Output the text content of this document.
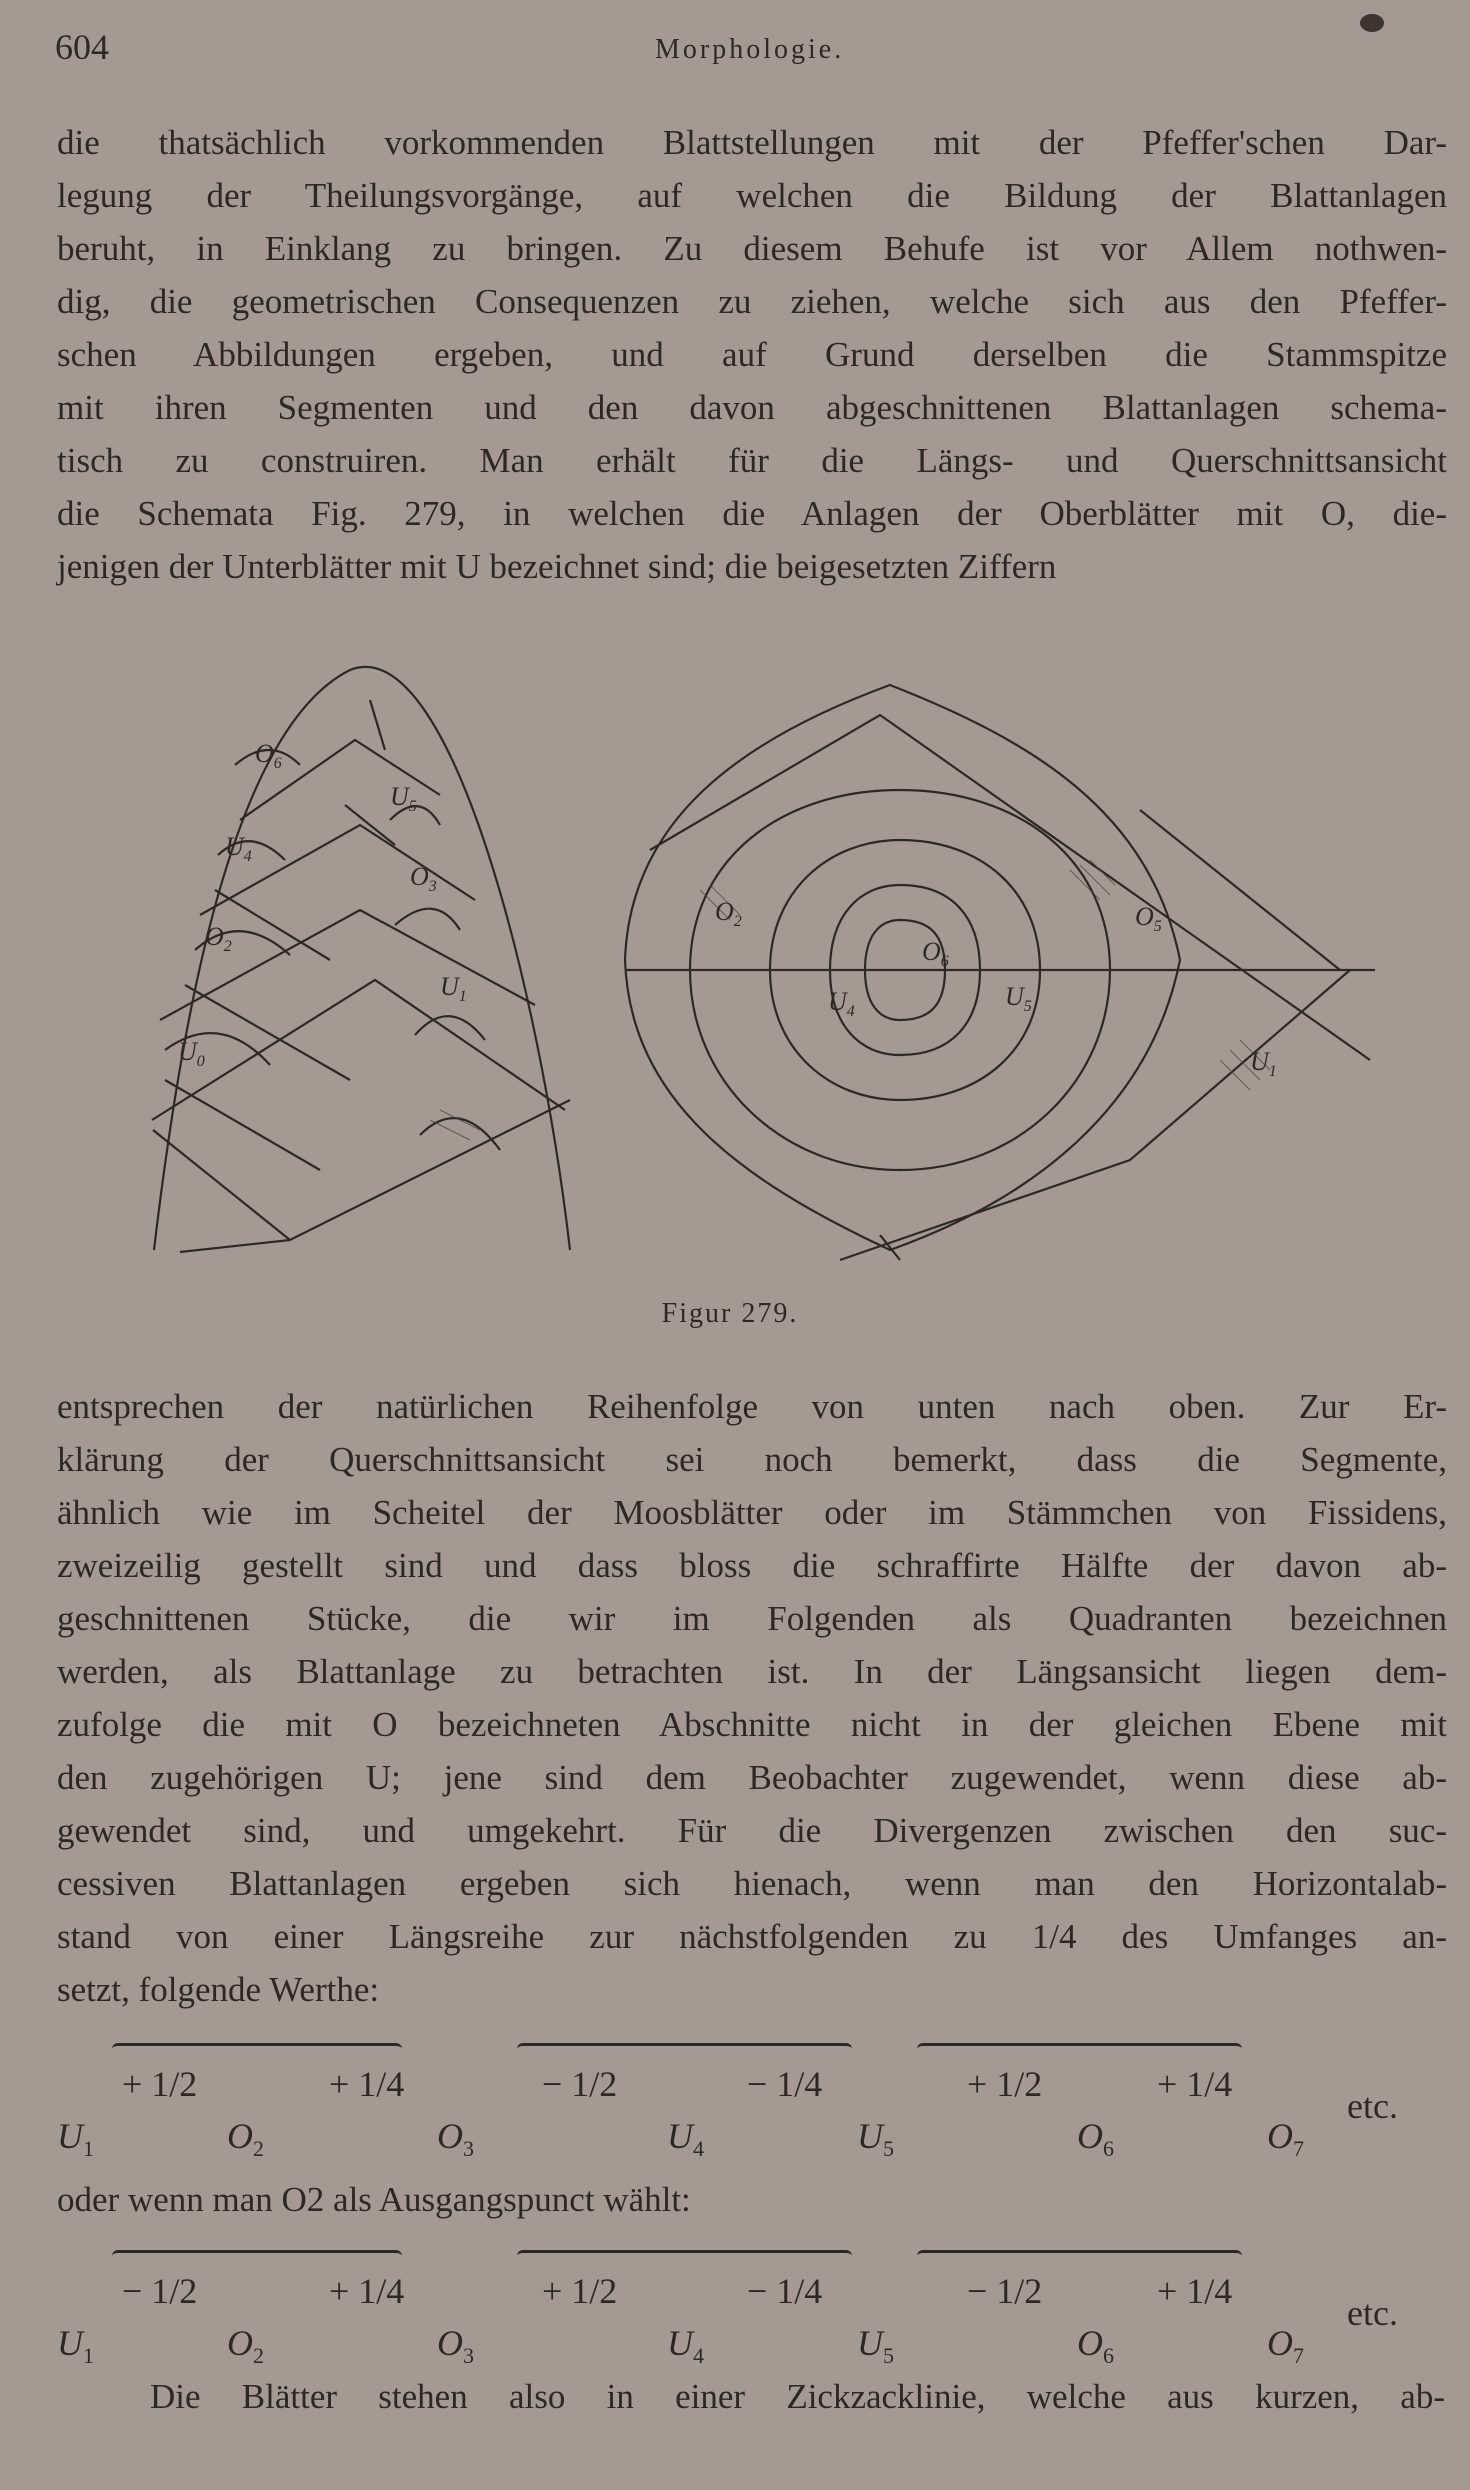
604	Morphologie.
die thatsächlich vorkommenden Blattstellungen mit der Pfeffer'schen Dar-
legung der Theilungsvorgänge, auf welchen die Bildung der Blattanlagen
beruht, in Einklang zu bringen. Zu diesem Behufe ist vor Allem nothwen-
dig, die geometrischen Consequenzen zu ziehen, welche sich aus den Pfeffer-
schen Abbildungen ergeben, und auf Grund derselben die Stammspitze
mit ihren Segmenten und den davon abgeschnittenen Blattanlagen schema-
tisch zu construiren. Man erhält für die Längs- und Querschnittsansicht
die Schemata Fig. 279, in welchen die Anlagen der Oberblätter mit O, die-
jenigen der Unterblätter mit U bezeichnet sind; die beigesetzten Ziffern
$O_6$
$U_5$
$U_4$
$O_3$
$O_2$
$U_1$
$U_0$
$O_2$
$O_6$
$O_5$
$U_4$
$U_5$
$U_1$
Figur 279.
entsprechen der natürlichen Reihenfolge von unten nach oben. Zur Er-
klärung der Querschnittsansicht sei noch bemerkt, dass die Segmente,
ähnlich wie im Scheitel der Moosblätter oder im Stämmchen von Fissidens,
zweizeilig gestellt sind und dass bloss die schraffirte Hälfte der davon ab-
geschnittenen Stücke, die wir im Folgenden als Quadranten bezeichnen
werden, als Blattanlage zu betrachten ist. In der Längsansicht liegen dem-
zufolge die mit O bezeichneten Abschnitte nicht in der gleichen Ebene mit
den zugehörigen U; jene sind dem Beobachter zugewendet, wenn diese ab-
gewendet sind, und umgekehrt. Für die Divergenzen zwischen den suc-
cessiven Blattanlagen ergeben sich hienach, wenn man den Horizontalab-
stand von einer Längsreihe zur nächstfolgenden zu 1/4 des Umfanges an-
setzt, folgende Werthe:
+ 1/2	+ 1/4	− 1/2	− 1/4	+ 1/2	+ 1/4
$U_1$	$O_2$	$O_3$	$U_4$	$U_5$	$O_6$	$O_7$
etc.
oder wenn man O2 als Ausgangspunct wählt:
− 1/2	+ 1/4	+ 1/2	− 1/4	− 1/2	+ 1/4
$U_1$	$O_2$	$O_3$	$U_4$	$U_5$	$O_6$	$O_7$
etc.
Die Blätter stehen also in einer Zickzacklinie, welche aus kurzen, ab-
